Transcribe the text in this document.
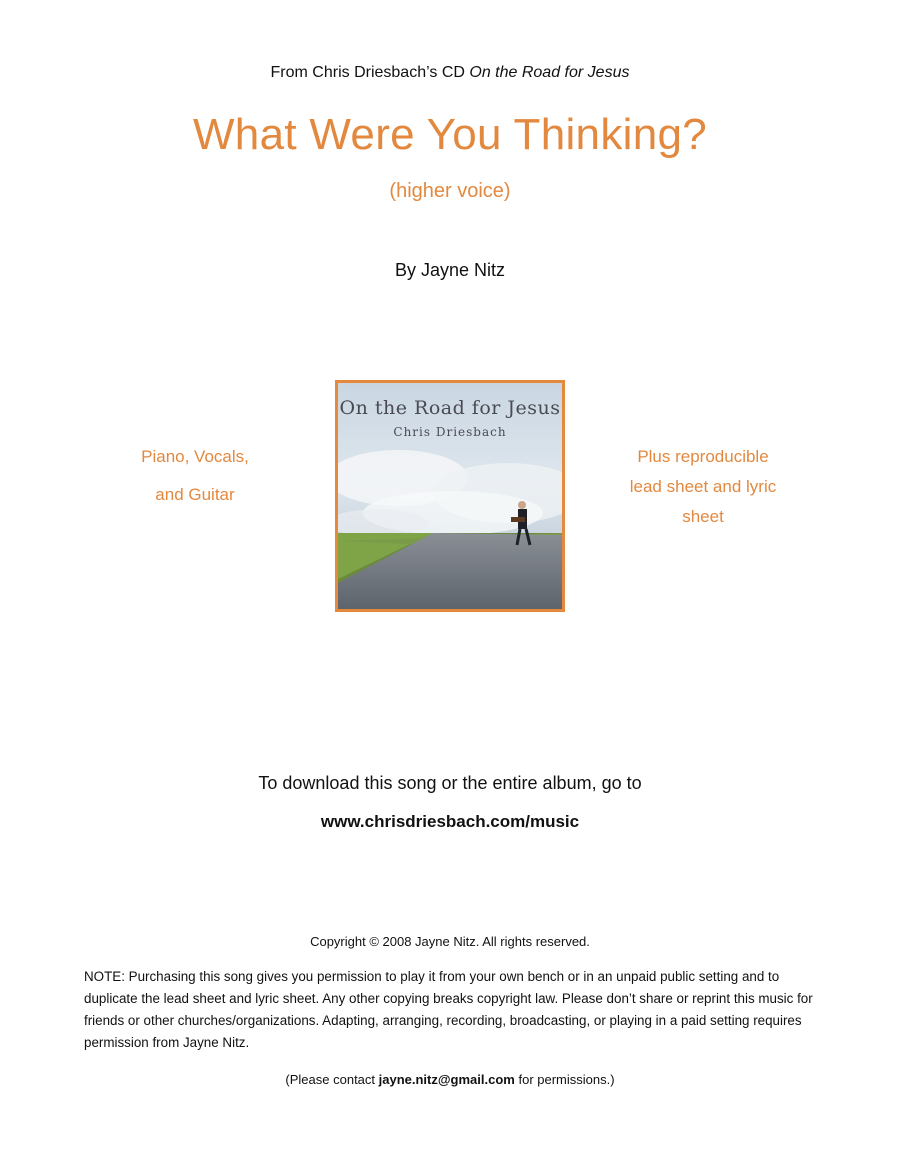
From Chris Driesbach’s CD On the Road for Jesus
What Were You Thinking?
(higher voice)
By Jayne Nitz
Piano, Vocals,
and Guitar
On the Road for Jesus
Chris Driesbach
Plus reproducible
lead sheet and lyric
sheet
To download this song or the entire album, go to
www.chrisdriesbach.com/music
Copyright © 2008 Jayne Nitz. All rights reserved.
NOTE: Purchasing this song gives you permission to play it from your own bench or in an unpaid public setting and to duplicate the lead sheet and lyric sheet. Any other copying breaks copyright law. Please don’t share or reprint this music for friends or other churches/organizations. Adapting, arranging, recording, broadcasting, or playing in a paid setting requires permission from Jayne Nitz.
(Please contact jayne.nitz@gmail.com for permissions.)
